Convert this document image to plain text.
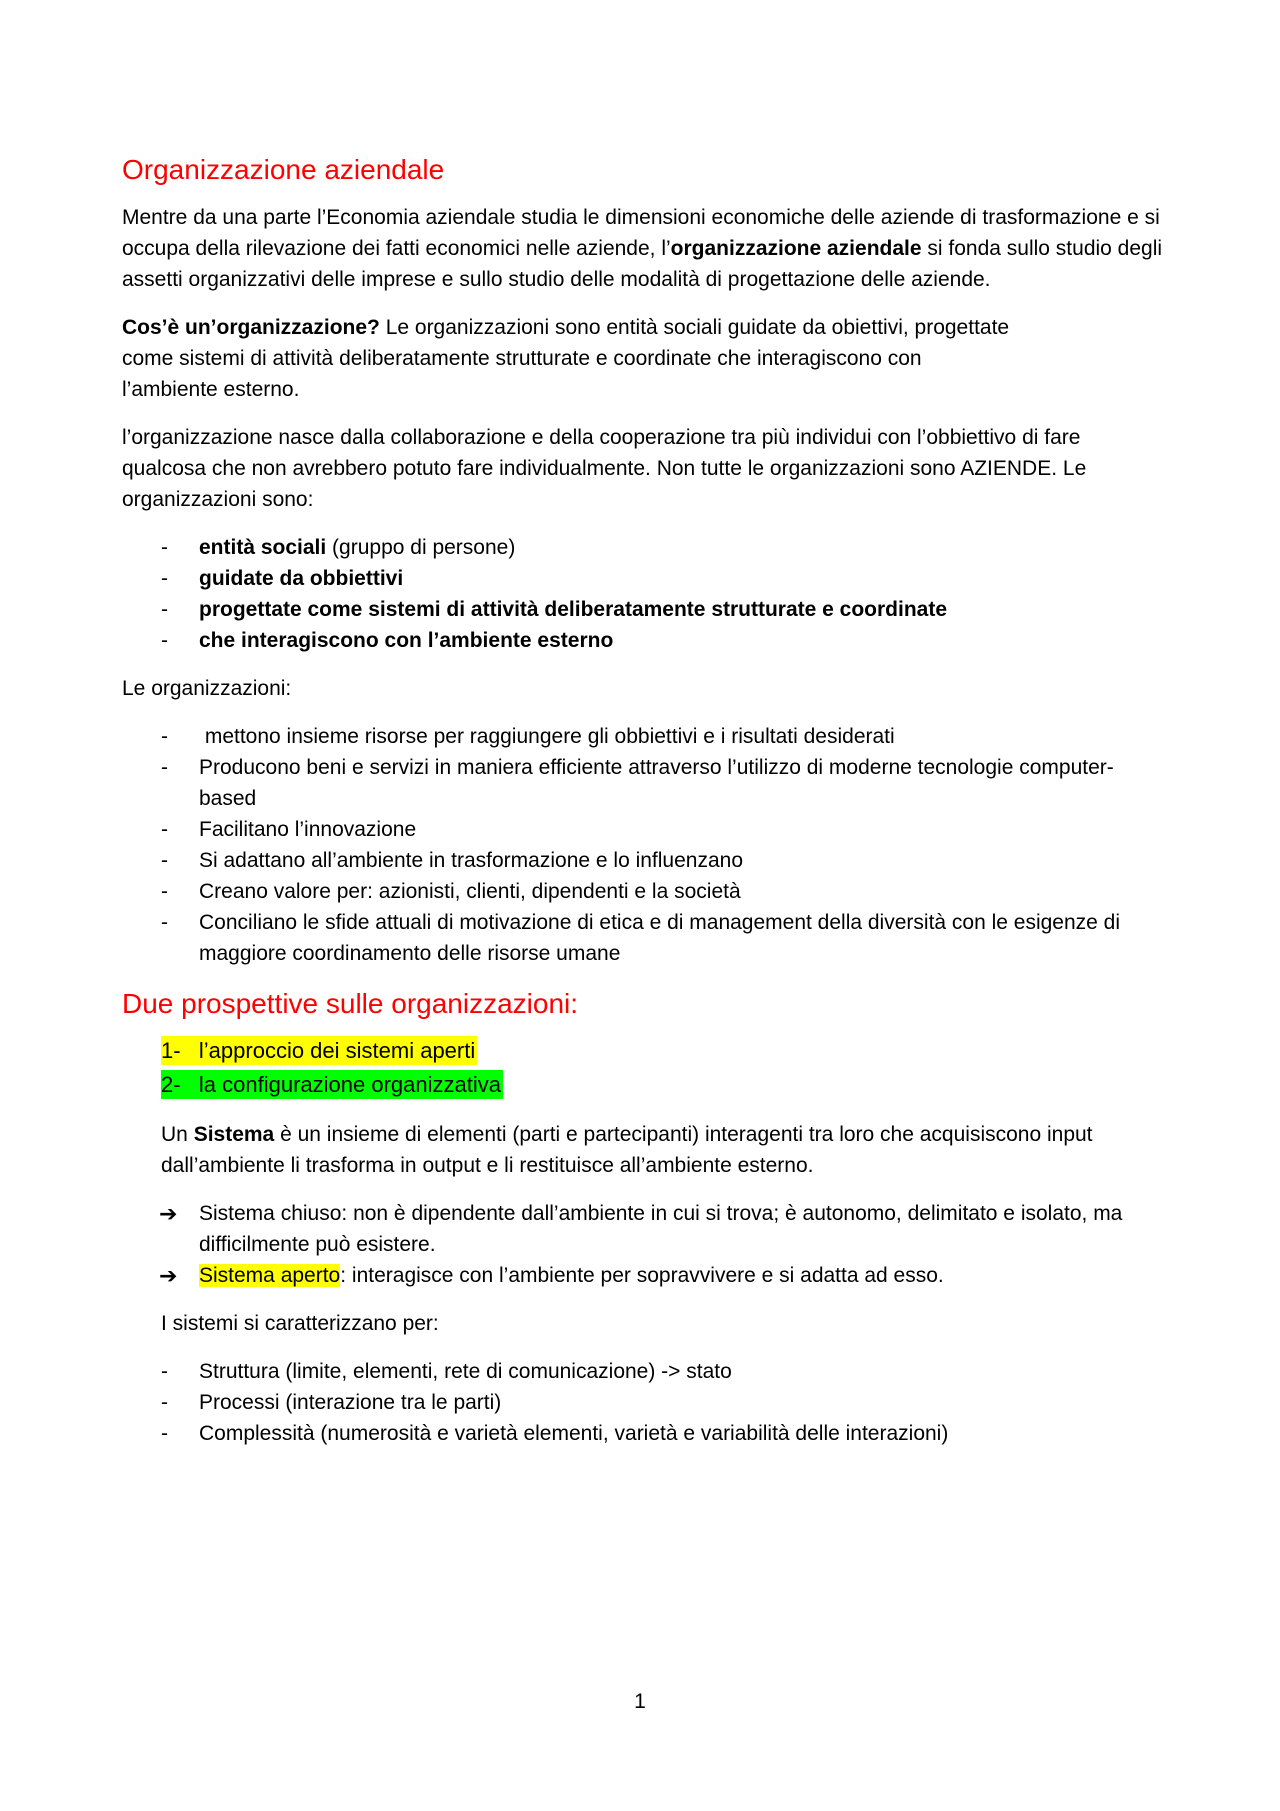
Organizzazione aziendale

Mentre da una parte l’Economia aziendale studia le dimensioni economiche delle aziende di trasformazione e si occupa della rilevazione dei fatti economici nelle aziende, l’organizzazione aziendale si fonda sullo studio degli assetti organizzativi delle imprese e sullo studio delle modalità di progettazione delle aziende.

Cos’è un’organizzazione? Le organizzazioni sono entità sociali guidate da obiettivi, progettate
come sistemi di attività deliberatamente strutturate e coordinate che interagiscono con
l’ambiente esterno.

l’organizzazione nasce dalla collaborazione e della cooperazione tra più individui con l’obbiettivo di fare qualcosa che non avrebbero potuto fare individualmente. Non tutte le organizzazioni sono AZIENDE. Le organizzazioni sono:

- entità sociali (gruppo di persone)
- guidate da obbiettivi
- progettate come sistemi di attività deliberatamente strutturate e coordinate
- che interagiscono con l’ambiente esterno

Le organizzazioni:

-  mettono insieme risorse per raggiungere gli obbiettivi e i risultati desiderati
- Producono beni e servizi in maniera efficiente attraverso l’utilizzo di moderne tecnologie computer-based
- Facilitano l’innovazione
- Si adattano all’ambiente in trasformazione e lo influenzano
- Creano valore per: azionisti, clienti, dipendenti e la società
- Conciliano le sfide attuali di motivazione di etica e di management della diversità con le esigenze di maggiore coordinamento delle risorse umane
Due prospettive sulle organizzazioni:
1-   l’approccio dei sistemi aperti
2-   la configurazione organizzativa

Un Sistema è un insieme di elementi (parti e partecipanti) interagenti tra loro che acquisiscono input dall’ambiente li trasforma in output e li restituisce all’ambiente esterno.

➔ Sistema chiuso: non è dipendente dall’ambiente in cui si trova; è autonomo, delimitato e isolato, ma difficilmente può esistere.
➔ Sistema aperto: interagisce con l’ambiente per sopravvivere e si adatta ad esso.

I sistemi si caratterizzano per:

- Struttura (limite, elementi, rete di comunicazione) -> stato
- Processi (interazione tra le parti)
- Complessità (numerosità e varietà elementi, varietà e variabilità delle interazioni)
1
